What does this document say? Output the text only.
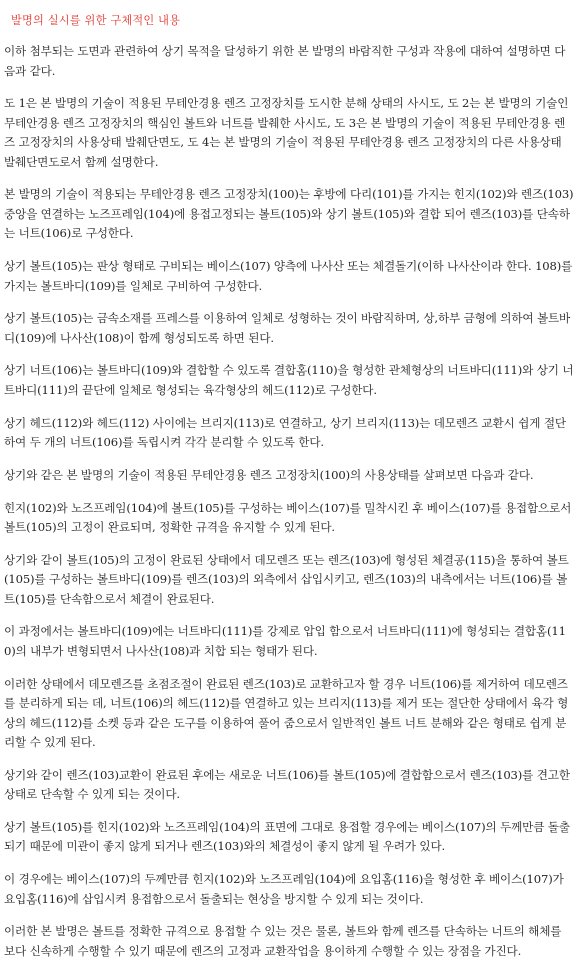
발명의 실시를 위한 구체적인 내용

이하 첨부되는 도면과 관련하여 상기 목적을 달성하기 위한 본 발명의 바람직한 구성과 작용에 대하여 설명하면 다음과 같다.

도 1은 본 발명의 기술이 적용된 무테안경용 렌즈 고정장치를 도시한 분해 상태의 사시도, 도 2는 본 발명의 기술인 무테안경용 렌즈 고정장치의 핵심인 볼트와 너트를 발췌한 사시도, 도 3은 본 발명의 기술이 적용된 무테안경용 렌즈 고정장치의 사용상태 발췌단면도, 도 4는 본 발명의 기술이 적용된 무테안경용 렌즈 고정장치의 다른 사용상태 발췌단면도로서 함께 설명한다.

본 발명의 기술이 적용되는 무테안경용 렌즈 고정장치(100)는 후방에 다리(101)를 가지는 힌지(102)와 렌즈(103) 중앙을 연결하는 노즈프레임(104)에 용접고정되는 볼트(105)와 상기 볼트(105)와 결합 되어 렌즈(103)를 단속하는 너트(106)로 구성한다.

상기 볼트(105)는 판상 형태로 구비되는 베이스(107) 양측에 나사산 또는 체결돌기(이하 나사산이라 한다. 108)를 가지는 볼트바디(109)를 일체로 구비하여 구성한다.

상기 볼트(105)는 금속소재를 프레스를 이용하여 일체로 성형하는 것이 바람직하며, 상,하부 금형에 의하여 볼트바디(109)에 나사산(108)이 함께 형성되도록 하면 된다.

상기 너트(106)는 볼트바디(109)와 결합할 수 있도록 결합홈(110)을 형성한 관체형상의 너트바디(111)와 상기 너트바디(111)의 끝단에 일체로 형성되는 육각형상의 헤드(112)로 구성한다.

상기 헤드(112)와 헤드(112) 사이에는 브리지(113)로 연결하고, 상기 브리지(113)는 데모렌즈 교환시 쉽게 절단하여 두 개의 너트(106)를 독립시켜 각각 분리할 수 있도록 한다.

상기와 같은 본 발명의 기술이 적용된 무테안경용 렌즈 고정장치(100)의 사용상태를 살펴보면 다음과 같다.

힌지(102)와 노즈프레임(104)에 볼트(105)를 구성하는 베이스(107)를 밀착시킨 후 베이스(107)를 용접함으로서 볼트(105)의 고정이 완료되며, 정확한 규격을 유지할 수 있게 된다.

상기와 같이 볼트(105)의 고정이 완료된 상태에서 데모렌즈 또는 렌즈(103)에 형성된 체결공(115)을 통하여 볼트(105)를 구성하는 볼트바디(109)를 렌즈(103)의 외측에서 삽입시키고, 렌즈(103)의 내측에서는 너트(106)를 볼트(105)를 단속함으로서 체결이 완료된다.

이 과정에서는 볼트바디(109)에는 너트바디(111)를 강제로 압입 함으로서 너트바디(111)에 형성되는 결합홈(110)의 내부가 변형되면서 나사산(108)과 치합 되는 형태가 된다.

이러한 상태에서 데모렌즈를 초점조절이 완료된 렌즈(103)로 교환하고자 할 경우 너트(106)를 제거하여 데모렌즈를 분리하게 되는 데, 너트(106)의 헤드(112)를 연결하고 있는 브리지(113)를 제거 또는 절단한 상태에서 육각 형상의 헤드(112)를 소켓 등과 같은 도구를 이용하여 풀어 줌으로서 일반적인 볼트 너트 분해와 같은 형태로 쉽게 분리할 수 있게 된다.

상기와 같이 렌즈(103)교환이 완료된 후에는 새로운 너트(106)를 볼트(105)에 결합함으로서 렌즈(103)를 견고한 상태로 단속할 수 있게 되는 것이다.

상기 볼트(105)를 힌지(102)와 노즈프레임(104)의 표면에 그대로 용접할 경우에는 베이스(107)의 두께만큼 돌출되기 때문에 미관이 좋지 않게 되거나 렌즈(103)와의 체결성이 좋지 않게 될 우려가 있다.

이 경우에는 베이스(107)의 두께만큼 힌지(102)와 노즈프레임(104)에 요입홈(116)을 형성한 후 베이스(107)가 요입홈(116)에 삽입시켜 용접함으로서 돌출되는 현상을 방지할 수 있게 되는 것이다.

이러한 본 발명은 볼트를 정확한 규격으로 용접할 수 있는 것은 물론, 볼트와 함께 렌즈를 단속하는 너트의 해체를 보다 신속하게 수행할 수 있기 때문에 렌즈의 고정과 교환작업을 용이하게 수행할 수 있는 장점을 가진다.
